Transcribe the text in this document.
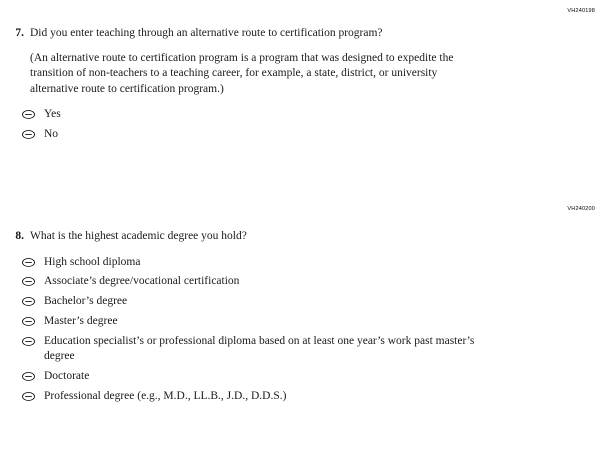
VH240198
7. Did you enter teaching through an alternative route to certification program?
(An alternative route to certification program is a program that was designed to expedite the transition of non-teachers to a teaching career, for example, a state, district, or university alternative route to certification program.)
Yes
No
VH240200
8. What is the highest academic degree you hold?
High school diploma
Associate’s degree/vocational certification
Bachelor’s degree
Master’s degree
Education specialist’s or professional diploma based on at least one year’s work past master’s
degree
Doctorate
Professional degree (e.g., M.D., LL.B., J.D., D.D.S.)
